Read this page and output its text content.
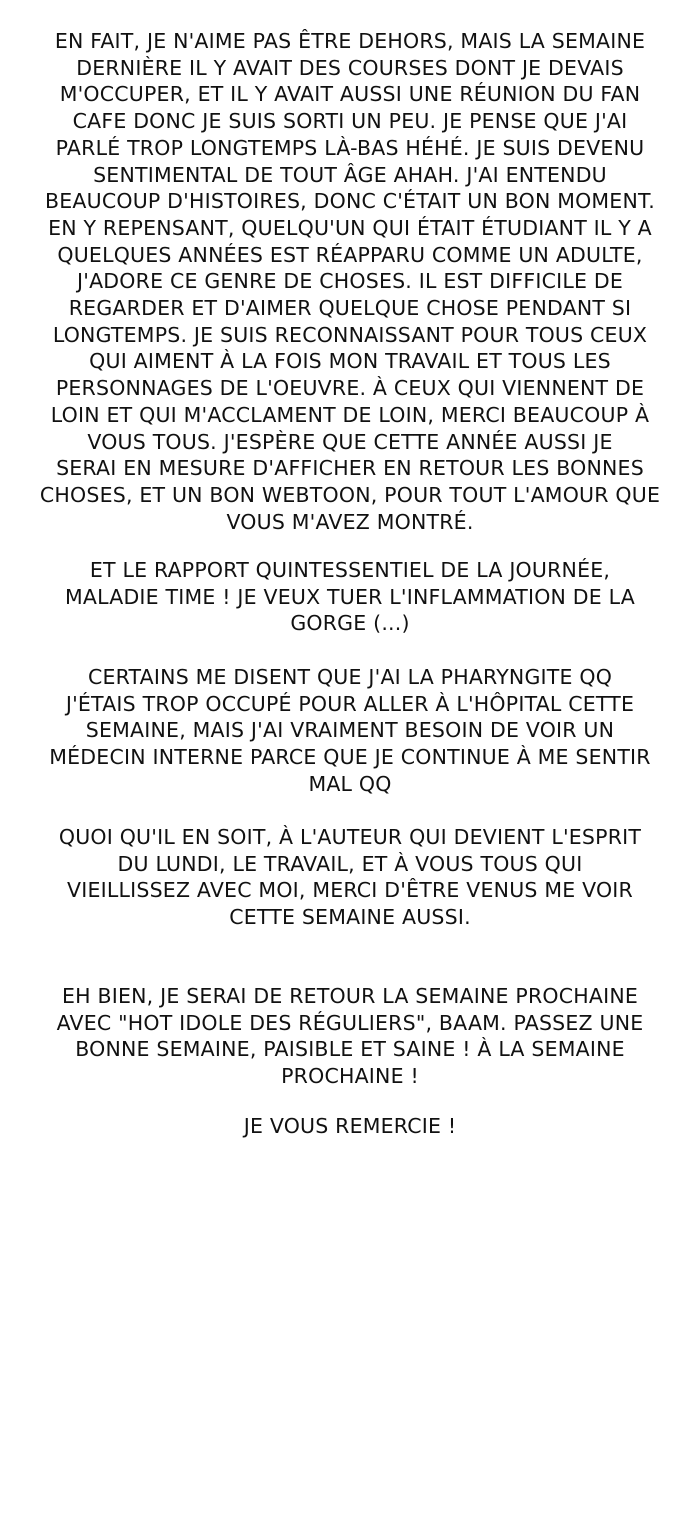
EN FAIT, JE N'AIME PAS ÊTRE DEHORS, MAIS LA SEMAINE
DERNIÈRE IL Y AVAIT DES COURSES DONT JE DEVAIS
M'OCCUPER, ET IL Y AVAIT AUSSI UNE RÉUNION DU FAN
CAFE DONC JE SUIS SORTI UN PEU. JE PENSE QUE J'AI
PARLÉ TROP LONGTEMPS LÀ-BAS HÉHÉ. JE SUIS DEVENU
SENTIMENTAL DE TOUT ÂGE AHAH. J'AI ENTENDU
BEAUCOUP D'HISTOIRES, DONC C'ÉTAIT UN BON MOMENT.
EN Y REPENSANT, QUELQU'UN QUI ÉTAIT ÉTUDIANT IL Y A
QUELQUES ANNÉES EST RÉAPPARU COMME UN ADULTE,
J'ADORE CE GENRE DE CHOSES. IL EST DIFFICILE DE
REGARDER ET D'AIMER QUELQUE CHOSE PENDANT SI
LONGTEMPS. JE SUIS RECONNAISSANT POUR TOUS CEUX
QUI AIMENT À LA FOIS MON TRAVAIL ET TOUS LES
PERSONNAGES DE L'OEUVRE. À CEUX QUI VIENNENT DE
LOIN ET QUI M'ACCLAMENT DE LOIN, MERCI BEAUCOUP À
VOUS TOUS. J'ESPÈRE QUE CETTE ANNÉE AUSSI JE
SERAI EN MESURE D'AFFICHER EN RETOUR LES BONNES
CHOSES, ET UN BON WEBTOON, POUR TOUT L'AMOUR QUE
VOUS M'AVEZ MONTRÉ.
ET LE RAPPORT QUINTESSENTIEL DE LA JOURNÉE,
MALADIE TIME ! JE VEUX TUER L'INFLAMMATION DE LA
GORGE (...)
CERTAINS ME DISENT QUE J'AI LA PHARYNGITE QQ
J'ÉTAIS TROP OCCUPÉ POUR ALLER À L'HÔPITAL CETTE
SEMAINE, MAIS J'AI VRAIMENT BESOIN DE VOIR UN
MÉDECIN INTERNE PARCE QUE JE CONTINUE À ME SENTIR
MAL QQ
QUOI QU'IL EN SOIT, À L'AUTEUR QUI DEVIENT L'ESPRIT
DU LUNDI, LE TRAVAIL, ET À VOUS TOUS QUI
VIEILLISSEZ AVEC MOI, MERCI D'ÊTRE VENUS ME VOIR
CETTE SEMAINE AUSSI.
EH BIEN, JE SERAI DE RETOUR LA SEMAINE PROCHAINE
AVEC "HOT IDOLE DES RÉGULIERS", BAAM. PASSEZ UNE
BONNE SEMAINE, PAISIBLE ET SAINE ! À LA SEMAINE
PROCHAINE !
JE VOUS REMERCIE !
